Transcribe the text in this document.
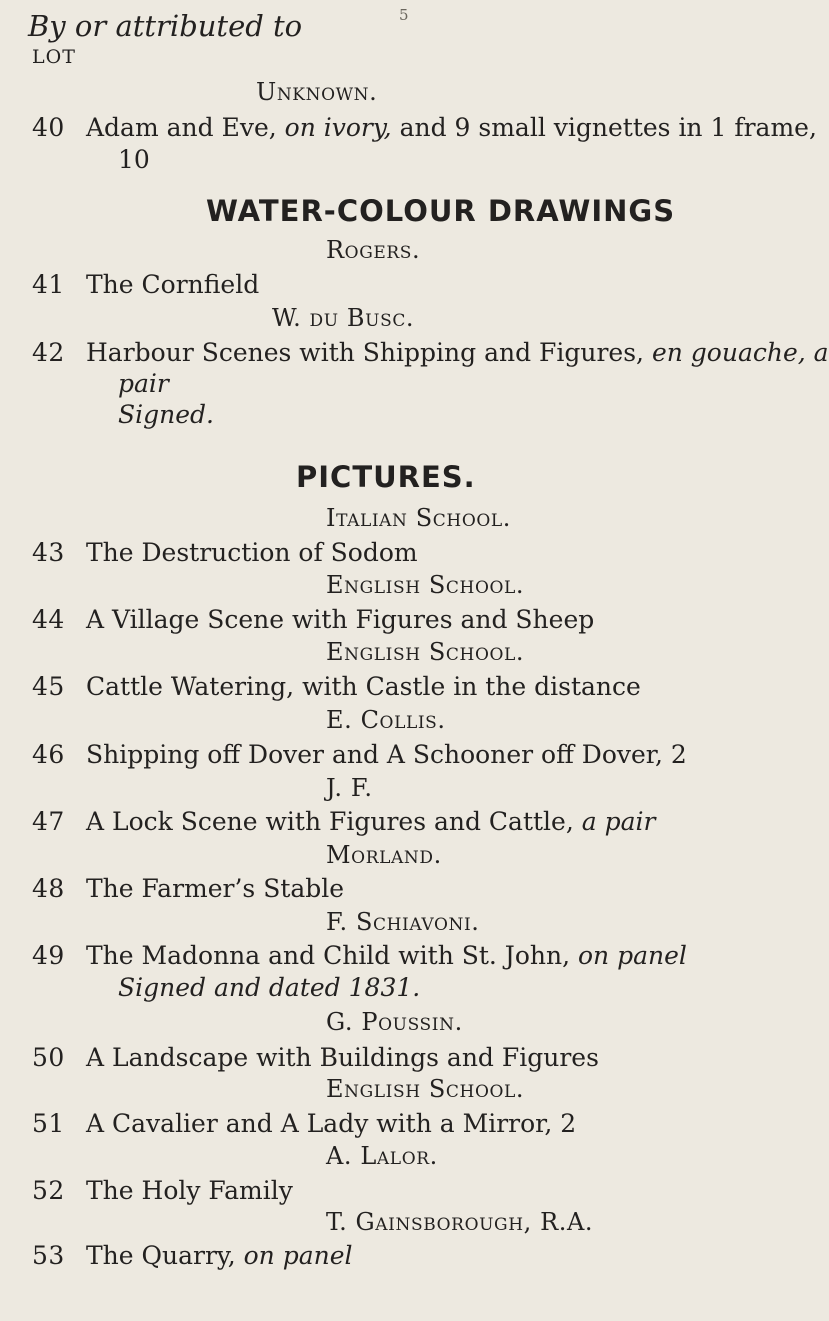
5
By or attributed to
LOT
Unknown.
40 Adam and Eve, on ivory, and 9 small vignettes in 1 frame,
10
WATER-COLOUR DRAWINGS
Rogers.
41 The Cornfield
W. du Busc.
42 Harbour Scenes with Shipping and Figures, en gouache, a
pair
Signed.
PICTURES.
Italian School.
43 The Destruction of Sodom
English School.
44 A Village Scene with Figures and Sheep
English School.
45 Cattle Watering, with Castle in the distance
E. Collis.
46 Shipping off Dover and A Schooner off Dover, 2
J. F.
47 A Lock Scene with Figures and Cattle, a pair
Morland.
48 The Farmer’s Stable
F. Schiavoni.
49 The Madonna and Child with St. John, on panel
Signed and dated 1831.
G. Poussin.
50 A Landscape with Buildings and Figures
English School.
51 A Cavalier and A Lady with a Mirror, 2
A. Lalor.
52 The Holy Family
T. Gainsborough, R.A.
53 The Quarry, on panel
